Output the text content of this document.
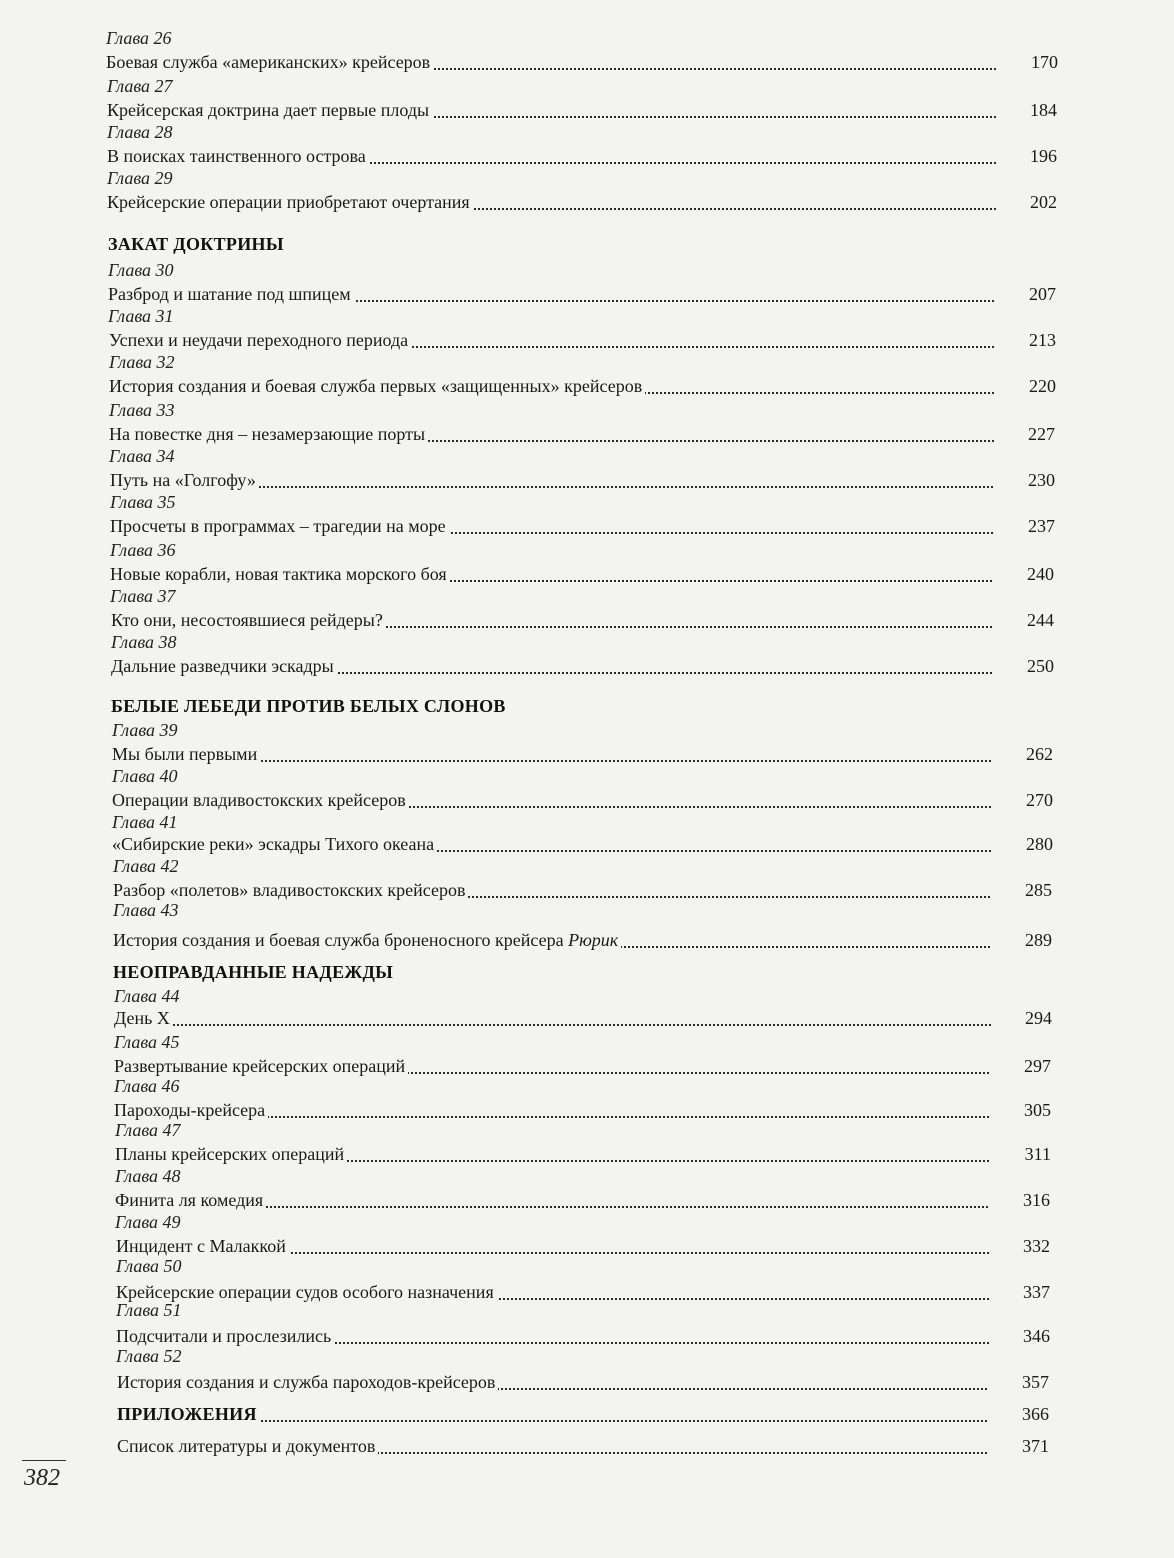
382
Глава 26
Боевая служба «американских» крейсеров	170
Глава 27
Крейсерская доктрина дает первые плоды	184
Глава 28
В поисках таинственного острова	196
Глава 29
Крейсерские операции приобретают очертания	202
ЗАКАТ ДОКТРИНЫ
Глава 30
Разброд и шатание под шпицем	207
Глава 31
Успехи и неудачи переходного периода	213
Глава 32
История создания и боевая служба первых «защищенных» крейсеров	220
Глава 33
На повестке дня – незамерзающие порты	227
Глава 34
Путь на «Голгофу»	230
Глава 35
Просчеты в программах – трагедии на море	237
Глава 36
Новые корабли, новая тактика морского боя	240
Глава 37
Кто они, несостоявшиеся рейдеры?	244
Глава 38
Дальние разведчики эскадры	250
БЕЛЫЕ ЛЕБЕДИ ПРОТИВ БЕЛЫХ СЛОНОВ
Глава 39
Мы были первыми	262
Глава 40
Операции владивостокских крейсеров	270
Глава 41
«Сибирские реки» эскадры Тихого океана	280
Глава 42
Разбор «полетов» владивостокских крейсеров	285
Глава 43
История создания и боевая служба броненосного крейсера Рюрик	289
НЕОПРАВДАННЫЕ НАДЕЖДЫ
Глава 44
День Х	294
Глава 45
Развертывание крейсерских операций	297
Глава 46
Пароходы-крейсера	305
Глава 47
Планы крейсерских операций	311
Глава 48
Финита ля комедия	316
Глава 49
Инцидент с Малаккой	332
Глава 50
Крейсерские операции судов особого назначения	337
Глава 51
Подсчитали и прослезились	346
Глава 52
История создания и служба пароходов-крейсеров	357
ПРИЛОЖЕНИЯ	366
Список литературы и документов	371
